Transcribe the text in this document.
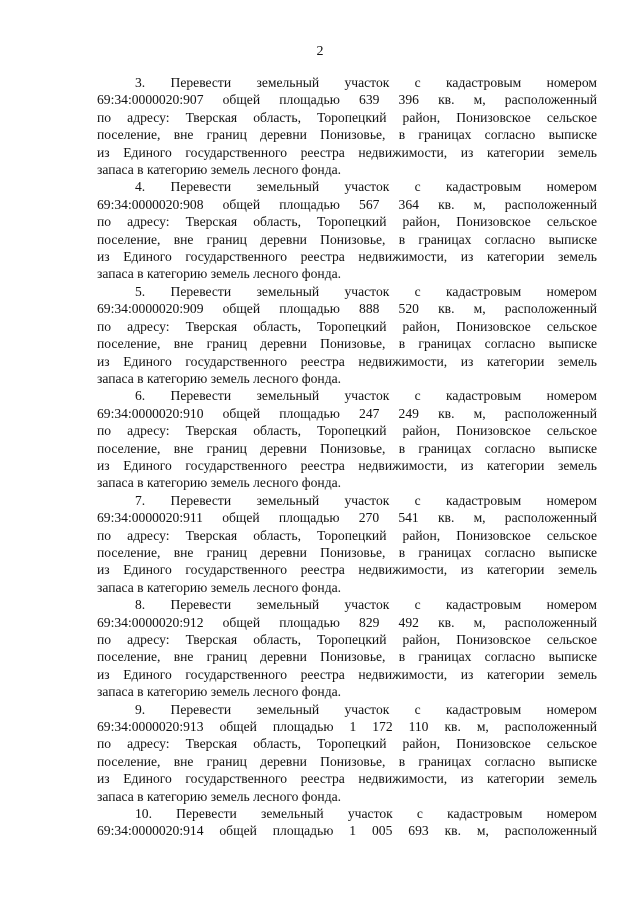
2
3. Перевести земельный участок с кадастровым номером
69:34:0000020:907 общей площадью 639 396 кв. м, расположенный
по адресу: Тверская область, Торопецкий район, Понизовское сельское
поселение, вне границ деревни Понизовье, в границах согласно выписке
из Единого государственного реестра недвижимости, из категории земель
запаса в категорию земель лесного фонда.
4. Перевести земельный участок с кадастровым номером
69:34:0000020:908 общей площадью 567 364 кв. м, расположенный
по адресу: Тверская область, Торопецкий район, Понизовское сельское
поселение, вне границ деревни Понизовье, в границах согласно выписке
из Единого государственного реестра недвижимости, из категории земель
запаса в категорию земель лесного фонда.
5. Перевести земельный участок с кадастровым номером
69:34:0000020:909 общей площадью 888 520 кв. м, расположенный
по адресу: Тверская область, Торопецкий район, Понизовское сельское
поселение, вне границ деревни Понизовье, в границах согласно выписке
из Единого государственного реестра недвижимости, из категории земель
запаса в категорию земель лесного фонда.
6. Перевести земельный участок с кадастровым номером
69:34:0000020:910 общей площадью 247 249 кв. м, расположенный
по адресу: Тверская область, Торопецкий район, Понизовское сельское
поселение, вне границ деревни Понизовье, в границах согласно выписке
из Единого государственного реестра недвижимости, из категории земель
запаса в категорию земель лесного фонда.
7. Перевести земельный участок с кадастровым номером
69:34:0000020:911 общей площадью 270 541 кв. м, расположенный
по адресу: Тверская область, Торопецкий район, Понизовское сельское
поселение, вне границ деревни Понизовье, в границах согласно выписке
из Единого государственного реестра недвижимости, из категории земель
запаса в категорию земель лесного фонда.
8. Перевести земельный участок с кадастровым номером
69:34:0000020:912 общей площадью 829 492 кв. м, расположенный
по адресу: Тверская область, Торопецкий район, Понизовское сельское
поселение, вне границ деревни Понизовье, в границах согласно выписке
из Единого государственного реестра недвижимости, из категории земель
запаса в категорию земель лесного фонда.
9. Перевести земельный участок с кадастровым номером
69:34:0000020:913 общей площадью 1 172 110 кв. м, расположенный
по адресу: Тверская область, Торопецкий район, Понизовское сельское
поселение, вне границ деревни Понизовье, в границах согласно выписке
из Единого государственного реестра недвижимости, из категории земель
запаса в категорию земель лесного фонда.
10. Перевести земельный участок с кадастровым номером
69:34:0000020:914 общей площадью 1 005 693 кв. м, расположенный
